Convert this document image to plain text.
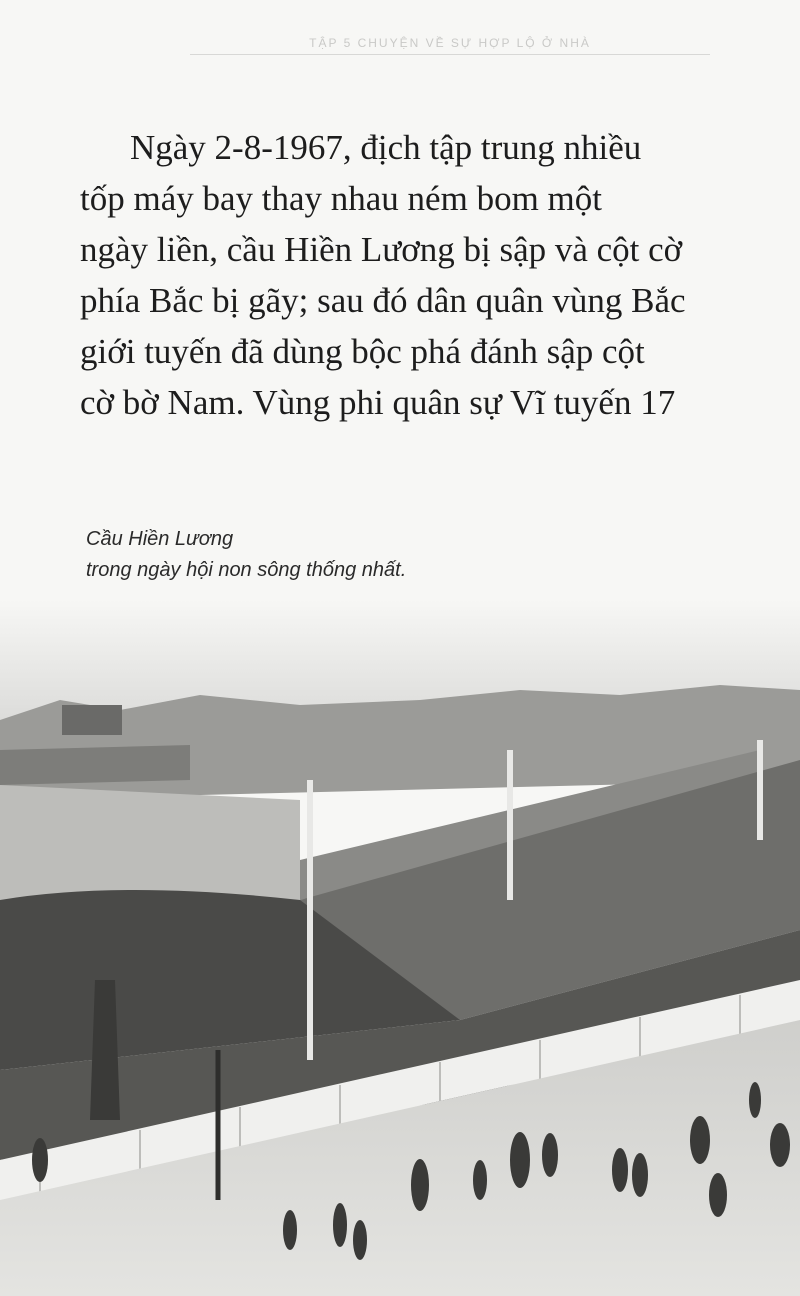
TẬP 5 CHUYỆN VỀ SỰ HỢP LỘ Ở NHÀ

Ngày 2-8-1967, địch tập trung nhiều
tốp máy bay thay nhau ném bom một
ngày liền, cầu Hiền Lương bị sập và cột cờ
phía Bắc bị gãy; sau đó dân quân vùng Bắc
giới tuyến đã dùng bộc phá đánh sập cột
cờ bờ Nam. Vùng phi quân sự Vĩ tuyến 17

Cầu Hiền Lương
trong ngày hội non sông thống nhất.
